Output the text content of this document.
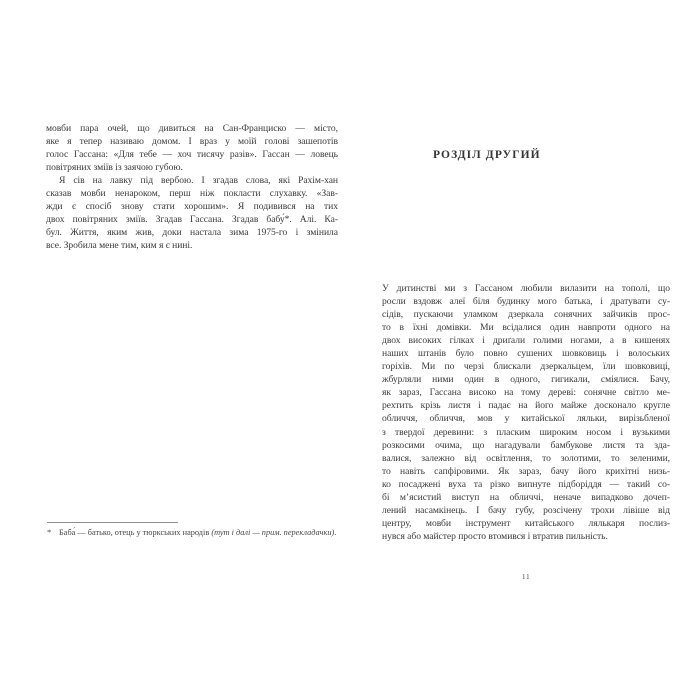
мовби пара очей, що дивиться на Сан-Франциско — місто,
яке я тепер називаю домом. І враз у моїй голові зашепотів
голос Гассана: «Для тебе — хоч тисячу разів». Гассан — ловець
повітряних зміїв із заячою губою.
Я сів на лавку під вербою. І згадав слова, які Рахім-хан
сказав мовби ненароком, перш ніж покласти слухавку. «Зав-
жди є спосіб знову стати хорошим». Я подивився на тих
двох повітряних зміїв. Згадав Гассана. Згадав бабу́*. Алі. Ка-
бул. Життя, яким жив, доки настала зима 1975-го і змінила
все. Зробила мене тим, ким я є нині.
* Баба́ — батько, отець у тюркських народів (тут і далі — прим. перекладачки).
РОЗДІЛ ДРУГИЙ
У дитинстві ми з Гассаном любили вилазити на тополі, що
росли вздовж алеї біля будинку мого батька, і дратувати су-
сідів, пускаючи уламком дзеркала сонячних зайчиків прос-
то в їхні домівки. Ми всідалися один навпроти одного на
двох високих гілках і дриґали голими ногами, а в кишенях
наших штанів було повно сушених шовковиць і волоських
горіхів. Ми по черзі блискали дзеркальцем, їли шовковиці,
жбурляли ними один в одного, гигикали, сміялися. Бачу,
як зараз, Гассана високо на тому дереві: сонячне світло ме-
рехтить крізь листя і падає на його майже досконало кругле
обличчя, обличчя, мов у китайської ляльки, вирізьбленої
з твердої деревини: з пласким широким носом і вузькими
розкосими очима, що нагадували бамбукове листя та зда-
валися, залежно від освітлення, то золотими, то зеленими,
то навіть сапфіровими. Як зараз, бачу його крихітні низь-
ко посаджені вуха та різко випнуте підборіддя — такий со-
бі м’ясистий виступ на обличчі, неначе випадково дочеп-
лений насамкінець. І бачу губу, розсічену трохи лівіше від
центру, мовби інструмент китайського лялькаря послиз-
нувся або майстер просто втомився і втратив пильність.
11
